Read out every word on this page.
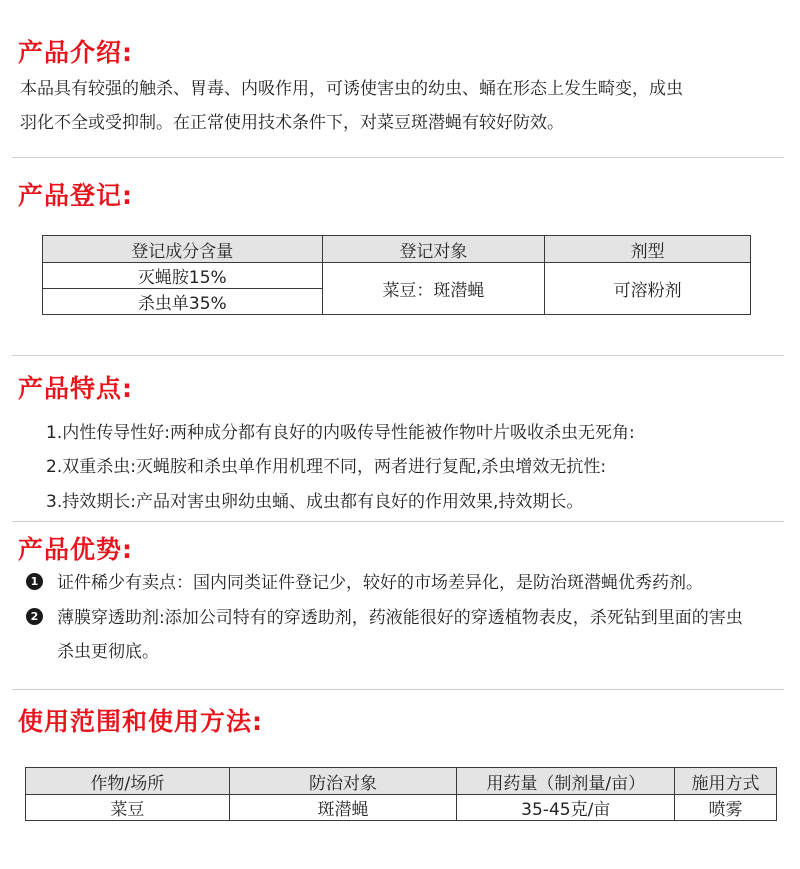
产品介绍:
本品具有较强的触杀、胃毒、内吸作用，可诱使害虫的幼虫、蛹在形态上发生畸变，成虫
羽化不全或受抑制。在正常使用技术条件下，对菜豆斑潜蝇有较好防效。
产品登记:
登记成分含量	登记对象	剂型
灭蝇胺15%	菜豆：斑潜蝇	可溶粉剂
杀虫单35%		
产品特点:
1.内性传导性好:两种成分都有良好的内吸传导性能被作物叶片吸收杀虫无死角:
2.双重杀虫:灭蝇胺和杀虫单作用机理不同，两者进行复配,杀虫增效无抗性:
3.持效期长:产品对害虫卵幼虫蛹、成虫都有良好的作用效果,持效期长。
产品优势:
1 证件稀少有卖点：国内同类证件登记少，较好的市场差异化，是防治斑潜蝇优秀药剂。
2 薄膜穿透助剂:添加公司特有的穿透助剂，药液能很好的穿透植物表皮，杀死钻到里面的害虫
杀虫更彻底。
使用范围和使用方法:
作物/场所	防治对象	用药量（制剂量/亩）	施用方式
菜豆	斑潜蝇	35-45克/亩	喷雾
